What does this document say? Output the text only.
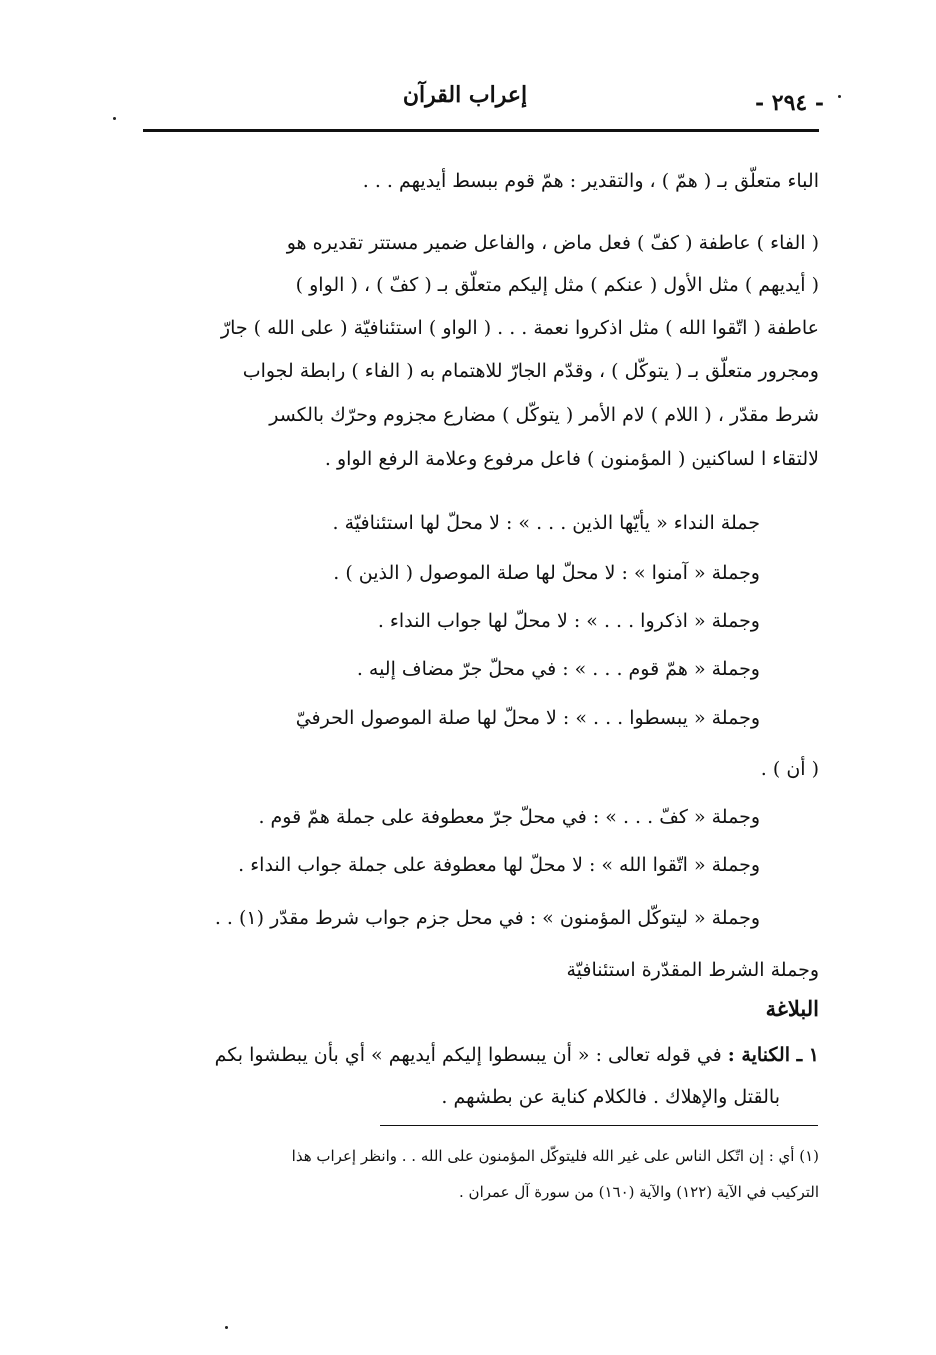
- ٢٩٤ -
إعراب القرآن
الباء متعلّق بـ ( همّ ) ، والتقدير : همّ قوم ببسط أيديهم . . .
( الفاء ) عاطفة ( كفّ ) فعل ماض ، والفاعل ضمير مستتر تقديره هو
( أيديهم ) مثل الأول ( عنكم ) مثل إليكم متعلّق بـ ( كفّ ) ، ( الواو )
عاطفة ( اتّقوا الله ) مثل اذكروا نعمة . . . ( الواو ) استئنافيّة ( على الله ) جارّ
ومجرور متعلّق بـ ( يتوكّل ) ، وقدّم الجارّ للاهتمام به ( الفاء ) رابطة لجواب
شرط مقدّر ، ( اللام ) لام الأمر ( يتوكّل ) مضارع مجزوم وحرّك بالكسر
لالتقاء ا لساكنين ( المؤمنون ) فاعل مرفوع وعلامة الرفع الواو .
جملة النداء « يأيّها الذين . . . » : لا محلّ لها استئنافيّة .
وجملة « آمنوا » : لا محلّ لها صلة الموصول ( الذين ) .
وجملة « اذكروا . . . » : لا محلّ لها جواب النداء .
وجملة « همّ قوم . . . » : في محلّ جرّ مضاف إليه .
وجملة « يبسطوا . . . » : لا محلّ لها صلة الموصول الحرفيّ
( أن ) .
وجملة « كفّ . . . » : في محلّ جرّ معطوفة على جملة همّ قوم .
وجملة « اتّقوا الله » : لا محلّ لها معطوفة على جملة جواب النداء .
وجملة « ليتوكّل المؤمنون » : في محل جزم جواب شرط مقدّر (١) . .
وجملة الشرط المقدّرة استئنافيّة
البلاغة
١ ـ الكناية : في قوله تعالى : « أن يبسطوا إليكم أيديهم » أي بأن يبطشوا بكم
بالقتل والإهلاك . فالكلام كناية عن بطشهم .
(١) أي : إن اتّكل الناس على غير الله فليتوكّل المؤمنون على الله . . وانظر إعراب هذا
التركيب في الآية (١٢٢) والآية (١٦٠) من سورة آل عمران .
